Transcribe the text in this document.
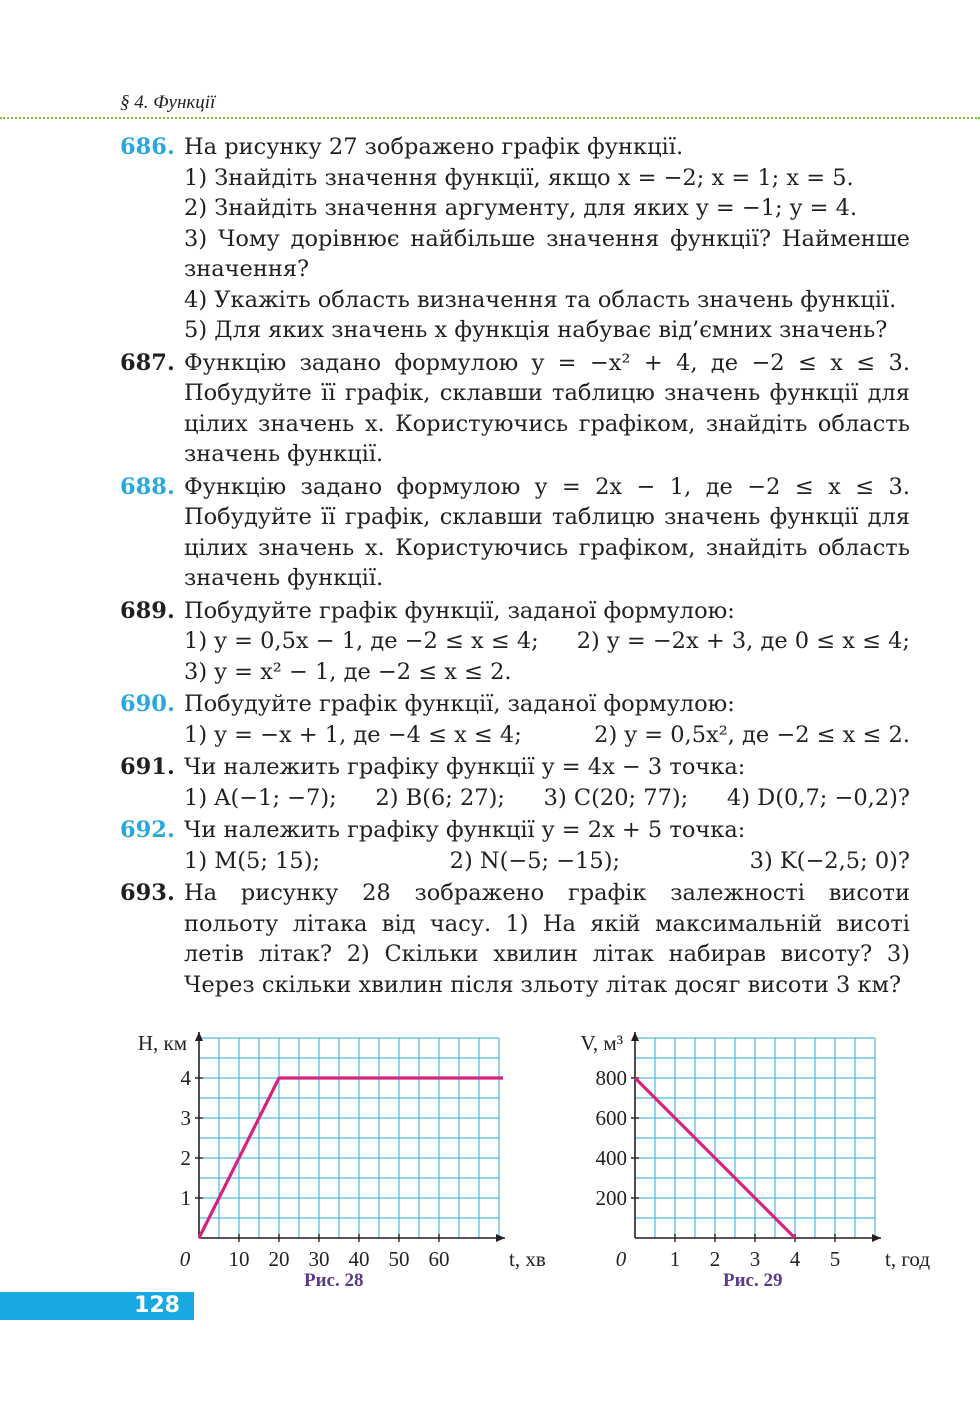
§ 4. Функції
686. На рисунку 27 зображено графік функції.
1) Знайдіть значення функції, якщо x = −2; x = 1; x = 5.
2) Знайдіть значення аргументу, для яких y = −1; y = 4.
3) Чому дорівнює найбільше значення функції? Найменше значення?
4) Укажіть область визначення та область значень функції.
5) Для яких значень x функція набуває від’ємних значень?
687. Функцію задано формулою y = −x² + 4, де −2 ≤ x ≤ 3. Побудуйте її графік, склавши таблицю значень функції для цілих значень x. Користуючись графіком, знайдіть область значень функції.
688. Функцію задано формулою y = 2x − 1, де −2 ≤ x ≤ 3. Побудуйте її графік, склавши таблицю значень функції для цілих значень x. Користуючись графіком, знайдіть область значень функції.
689. Побудуйте графік функції, заданої формулою:
1) y = 0,5x − 1, де −2 ≤ x ≤ 4; 2) y = −2x + 3, де 0 ≤ x ≤ 4;
3) y = x² − 1, де −2 ≤ x ≤ 2.
690. Побудуйте графік функції, заданої формулою:
1) y = −x + 1, де −4 ≤ x ≤ 4;	2) y = 0,5x², де −2 ≤ x ≤ 2.
691. Чи належить графіку функції y = 4x − 3 точка:
1) A(−1; −7); 2) B(6; 27); 3) C(20; 77); 4) D(0,7; −0,2)?
692. Чи належить графіку функції y = 2x + 5 точка:
1) M(5; 15);	2) N(−5; −15);	3) K(−2,5; 0)?
693. На рисунку 28 зображено графік залежності висоти польоту літака від часу. 1) На якій максимальній висоті летів літак? 2) Скільки хвилин літак набирав висоту? 3) Через скільки хвилин після зльоту літак досяг висоти 3 км?
10 20 30 40 50 60
1
2
3
4
0
H, км
t, хв	1 2 3 4 5
200
400
600
800
0
V, м³
t, год
Рис. 28	Рис. 29
128
